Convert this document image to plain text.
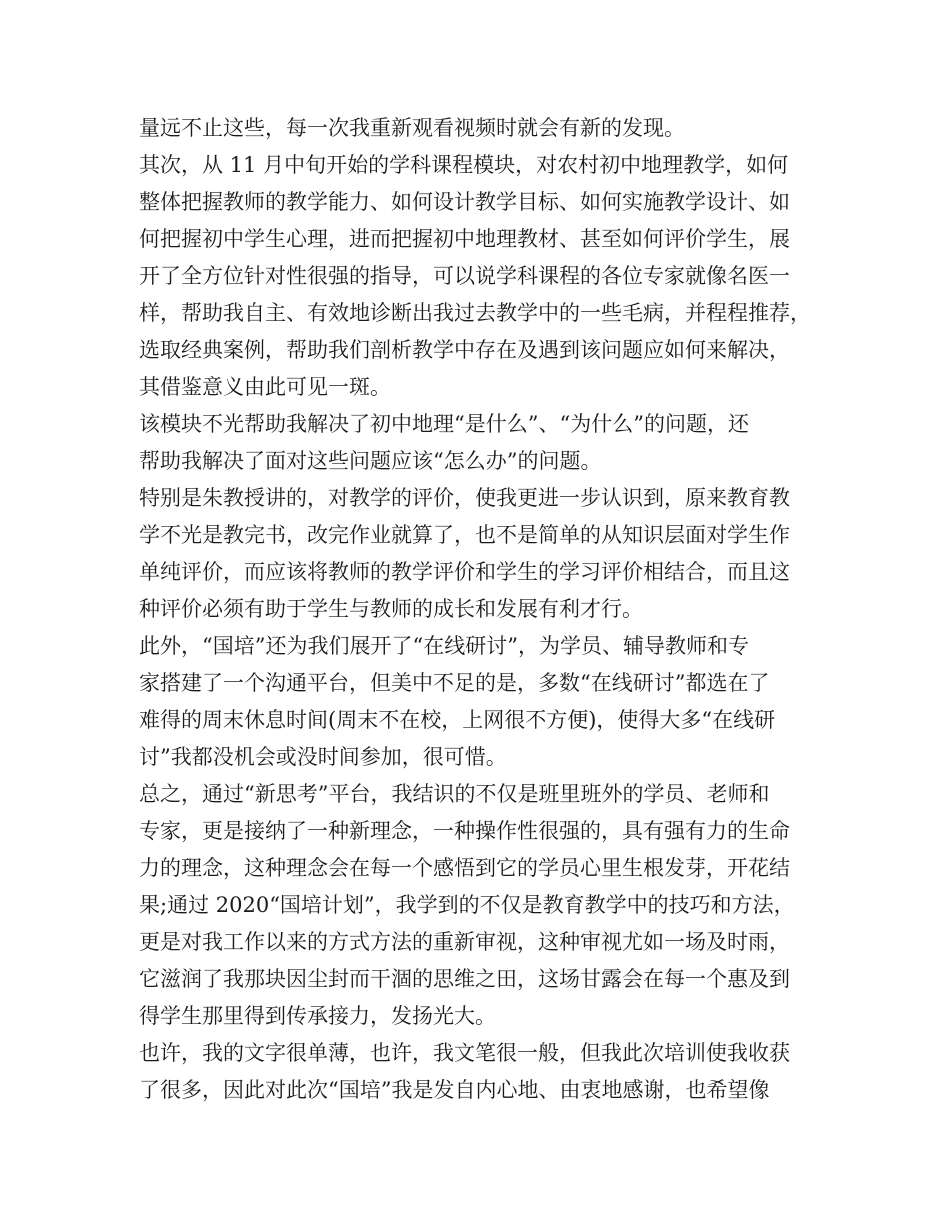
量远不止这些，每一次我重新观看视频时就会有新的发现。
其次，从 11 月中旬开始的学科课程模块，对农村初中地理教学，如何
整体把握教师的教学能力、如何设计教学目标、如何实施教学设计、如
何把握初中学生心理，进而把握初中地理教材、甚至如何评价学生，展
开了全方位针对性很强的指导，可以说学科课程的各位专家就像名医一
样，帮助我自主、有效地诊断出我过去教学中的一些毛病，并程程推荐，
选取经典案例，帮助我们剖析教学中存在及遇到该问题应如何来解决，
其借鉴意义由此可见一斑。
该模块不光帮助我解决了初中地理“是什么”、“为什么”的问题，还
帮助我解决了面对这些问题应该“怎么办”的问题。
特别是朱教授讲的，对教学的评价，使我更进一步认识到，原来教育教
学不光是教完书，改完作业就算了，也不是简单的从知识层面对学生作
单纯评价，而应该将教师的教学评价和学生的学习评价相结合，而且这
种评价必须有助于学生与教师的成长和发展有利才行。
此外，“国培”还为我们展开了“在线研讨”，为学员、辅导教师和专
家搭建了一个沟通平台，但美中不足的是，多数“在线研讨”都选在了
难得的周末休息时间(周末不在校，上网很不方便)，使得大多“在线研
讨”我都没机会或没时间参加，很可惜。
总之，通过“新思考”平台，我结识的不仅是班里班外的学员、老师和
专家，更是接纳了一种新理念，一种操作性很强的，具有强有力的生命
力的理念，这种理念会在每一个感悟到它的学员心里生根发芽，开花结
果;通过 2020“国培计划”，我学到的不仅是教育教学中的技巧和方法，
更是对我工作以来的方式方法的重新审视，这种审视尤如一场及时雨，
它滋润了我那块因尘封而干涸的思维之田，这场甘露会在每一个惠及到
得学生那里得到传承接力，发扬光大。
也许，我的文字很单薄，也许，我文笔很一般，但我此次培训使我收获
了很多，因此对此次“国培”我是发自内心地、由衷地感谢，也希望像
